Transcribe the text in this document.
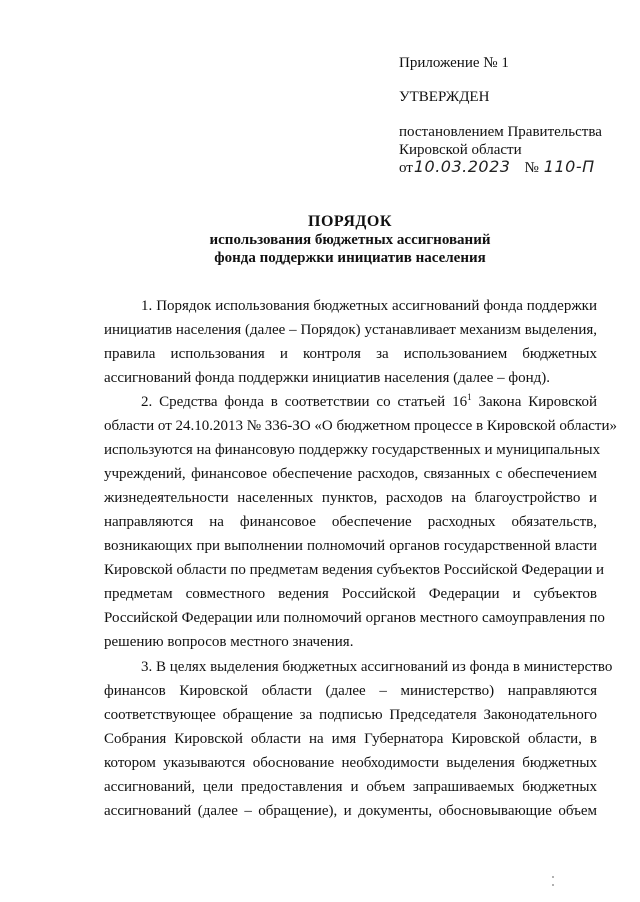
Приложение № 1
УТВЕРЖДЕН
постановлением Правительства
Кировской области
от10.03.2023 № 110-П
ПОРЯДОК
использования бюджетных ассигнований
фонда поддержки инициатив населения
1. Порядок использования бюджетных ассигнований фонда поддержки
инициатив населения (далее – Порядок) устанавливает механизм выделения,
правила использования и контроля за использованием бюджетных
ассигнований фонда поддержки инициатив населения (далее – фонд).
2. Средства фонда в соответствии со статьей $16^1$ Закона Кировской
области от 24.10.2013 № 336-ЗО «О бюджетном процессе в Кировской области»
используются на финансовую поддержку государственных и муниципальных
учреждений, финансовое обеспечение расходов, связанных с обеспечением
жизнедеятельности населенных пунктов, расходов на благоустройство и
направляются на финансовое обеспечение расходных обязательств,
возникающих при выполнении полномочий органов государственной власти
Кировской области по предметам ведения субъектов Российской Федерации и
предметам совместного ведения Российской Федерации и субъектов
Российской Федерации или полномочий органов местного самоуправления по
решению вопросов местного значения.
3. В целях выделения бюджетных ассигнований из фонда в министерство
финансов Кировской области (далее – министерство) направляются
соответствующее обращение за подписью Председателя Законодательного
Собрания Кировской области на имя Губернатора Кировской области, в
котором указываются обоснование необходимости выделения бюджетных
ассигнований, цели предоставления и объем запрашиваемых бюджетных
ассигнований (далее – обращение), и документы, обосновывающие объем
